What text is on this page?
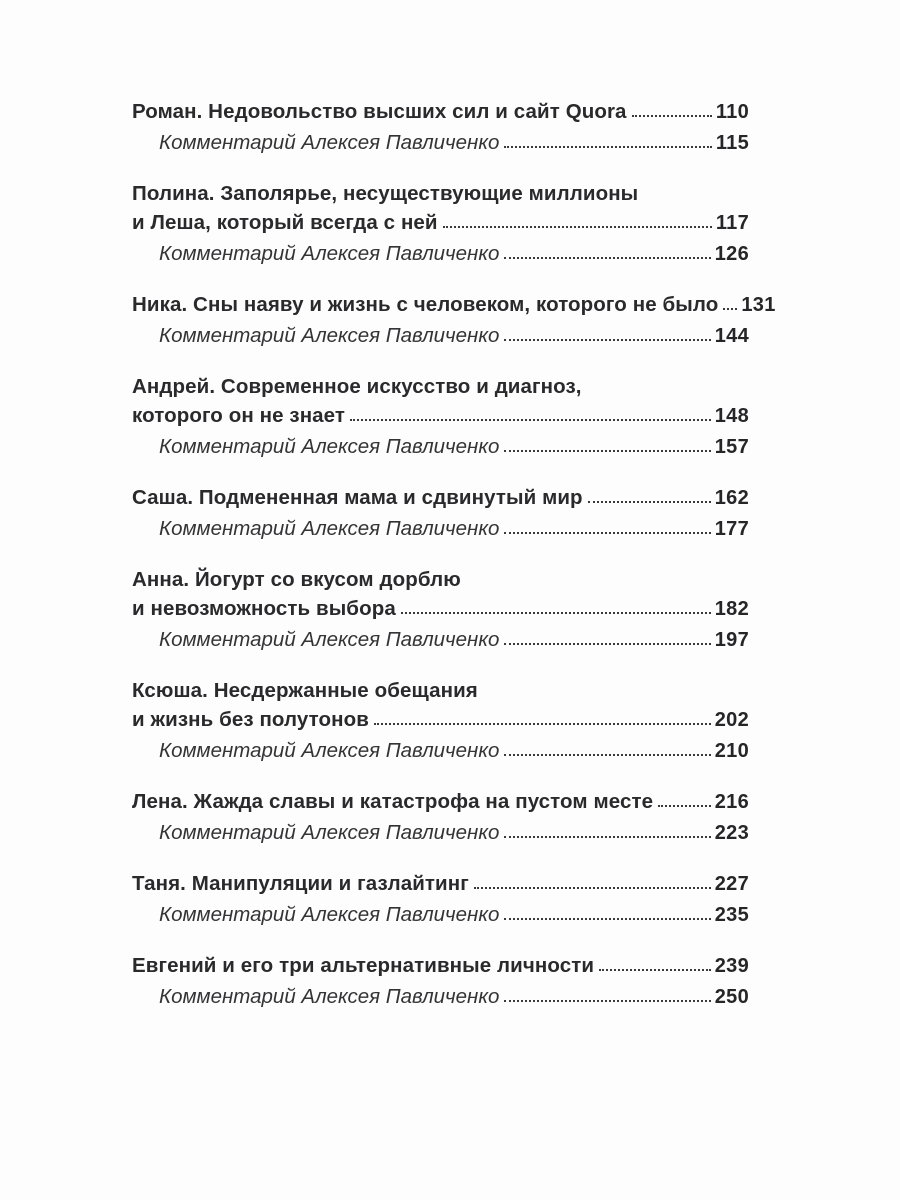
Роман. Недовольство высших сил и сайт Quora	110
Комментарий Алексея Павличенко	115
Полина. Заполярье, несуществующие миллионы
и Леша, который всегда с ней	117
Комментарий Алексея Павличенко	126
Ника. Сны наяву и жизнь с человеком, которого не было 131
Комментарий Алексея Павличенко	144
Андрей. Современное искусство и диагноз,
которого он не знает	148
Комментарий Алексея Павличенко	157
Саша. Подмененная мама и сдвинутый мир	162
Комментарий Алексея Павличенко	177
Анна. Йогурт со вкусом дорблю
и невозможность выбора	182
Комментарий Алексея Павличенко	197
Ксюша. Несдержанные обещания
и жизнь без полутонов	202
Комментарий Алексея Павличенко	210
Лена. Жажда славы и катастрофа на пустом месте	216
Комментарий Алексея Павличенко	223
Таня. Манипуляции и газлайтинг	227
Комментарий Алексея Павличенко	235
Евгений и его три альтернативные личности	239
Комментарий Алексея Павличенко	250
